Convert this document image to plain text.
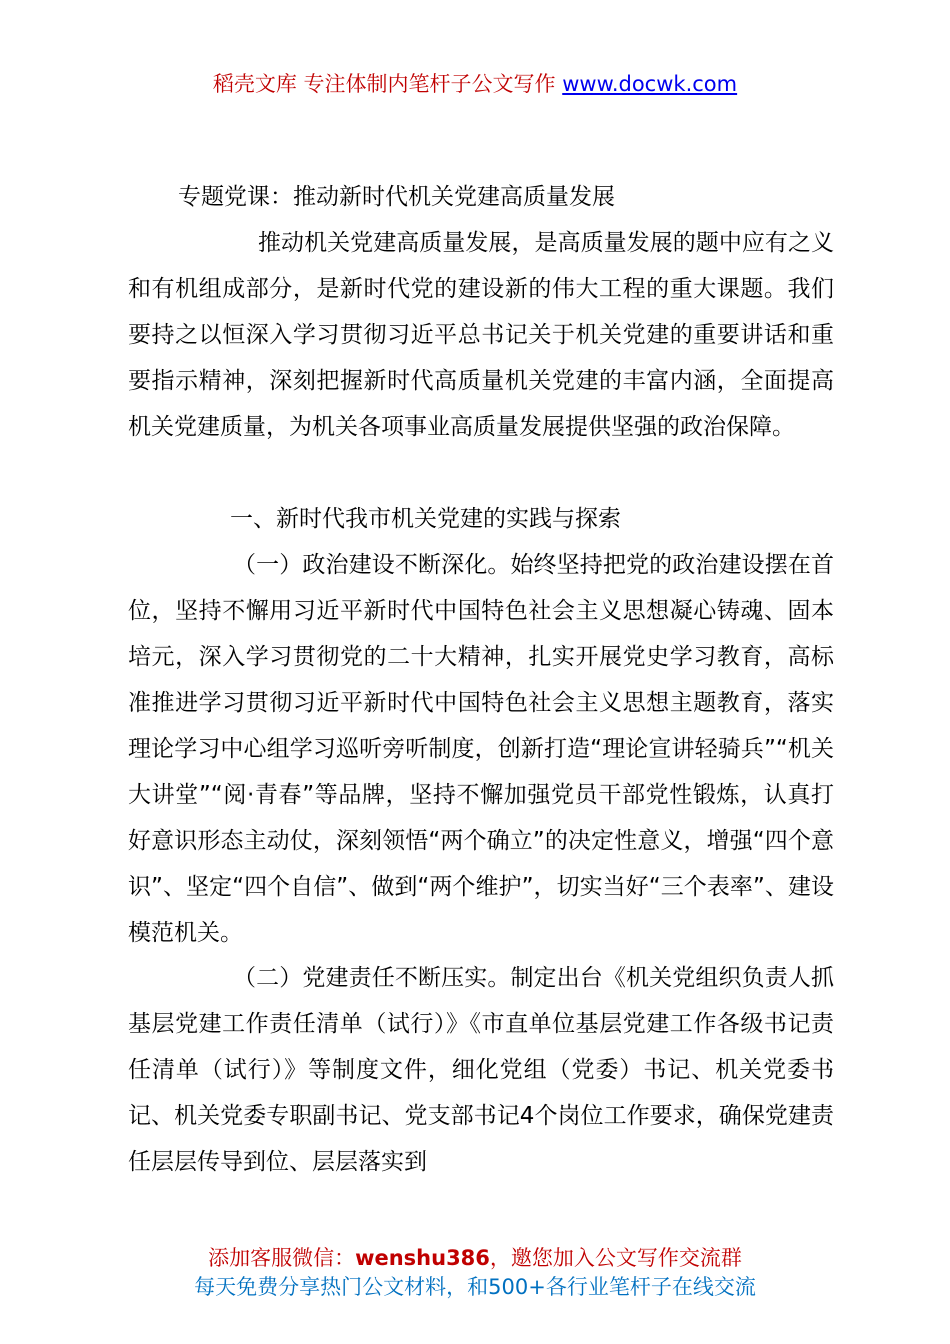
稻壳文库 专注体制内笔杆子公文写作 www.docwk.com
专题党课：推动新时代机关党建高质量发展

推动机关党建高质量发展，是高质量发展的题中应有之义和有机组成部分，是新时代党的建设新的伟大工程的重大课题。我们要持之以恒深入学习贯彻习近平总书记关于机关党建的重要讲话和重要指示精神，深刻把握新时代高质量机关党建的丰富内涵，全面提高机关党建质量，为机关各项事业高质量发展提供坚强的政治保障。

一、新时代我市机关党建的实践与探索

（一）政治建设不断深化。始终坚持把党的政治建设摆在首位，坚持不懈用习近平新时代中国特色社会主义思想凝心铸魂、固本培元，深入学习贯彻党的二十大精神，扎实开展党史学习教育，高标准推进学习贯彻习近平新时代中国特色社会主义思想主题教育，落实理论学习中心组学习巡听旁听制度，创新打造“理论宣讲轻骑兵”“机关大讲堂”“阅·青春”等品牌，坚持不懈加强党员干部党性锻炼，认真打好意识形态主动仗，深刻领悟“两个确立”的决定性意义，增强“四个意识”、坚定“四个自信”、做到“两个维护”，切实当好“三个表率”、建设模范机关。

（二）党建责任不断压实。制定出台《机关党组织负责人抓基层党建工作责任清单（试行）》《市直单位基层党建工作各级书记责任清单（试行）》等制度文件，细化党组（党委）书记、机关党委书记、机关党委专职副书记、党支部书记4个岗位工作要求，确保党建责任层层传导到位、层层落实到

添加客服微信：wenshu386，邀您加入公文写作交流群
每天免费分享热门公文材料，和500+各行业笔杆子在线交流
